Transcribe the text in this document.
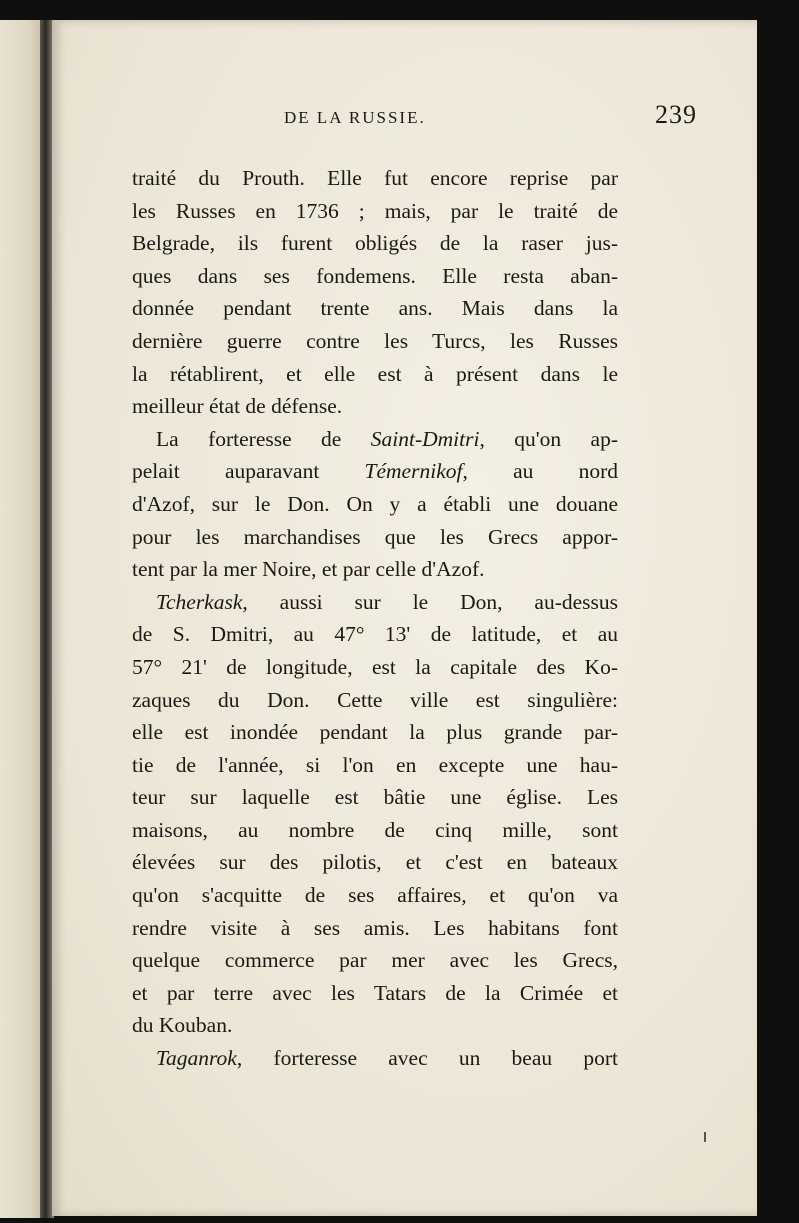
DE LA RUSSIE.	239
traité du Prouth. Elle fut encore reprise par
les Russes en 1736 ; mais, par le traité de
Belgrade, ils furent obligés de la raser jus-
ques dans ses fondemens. Elle resta aban-
donnée pendant trente ans. Mais dans la
dernière guerre contre les Turcs, les Russes
la rétablirent, et elle est à présent dans le
meilleur état de défense.
La forteresse de Saint-Dmitri, qu'on ap-
pelait auparavant Témernikof, au nord
d'Azof, sur le Don. On y a établi une douane
pour les marchandises que les Grecs appor-
tent par la mer Noire, et par celle d'Azof.
Tcherkask, aussi sur le Don, au-dessus
de S. Dmitri, au 47° 13' de latitude, et au
57° 21' de longitude, est la capitale des Ko-
zaques du Don. Cette ville est singulière:
elle est inondée pendant la plus grande par-
tie de l'année, si l'on en excepte une hau-
teur sur laquelle est bâtie une église. Les
maisons, au nombre de cinq mille, sont
élevées sur des pilotis, et c'est en bateaux
qu'on s'acquitte de ses affaires, et qu'on va
rendre visite à ses amis. Les habitans font
quelque commerce par mer avec les Grecs,
et par terre avec les Tatars de la Crimée et
du Kouban.
Taganrok, forteresse avec un beau port
